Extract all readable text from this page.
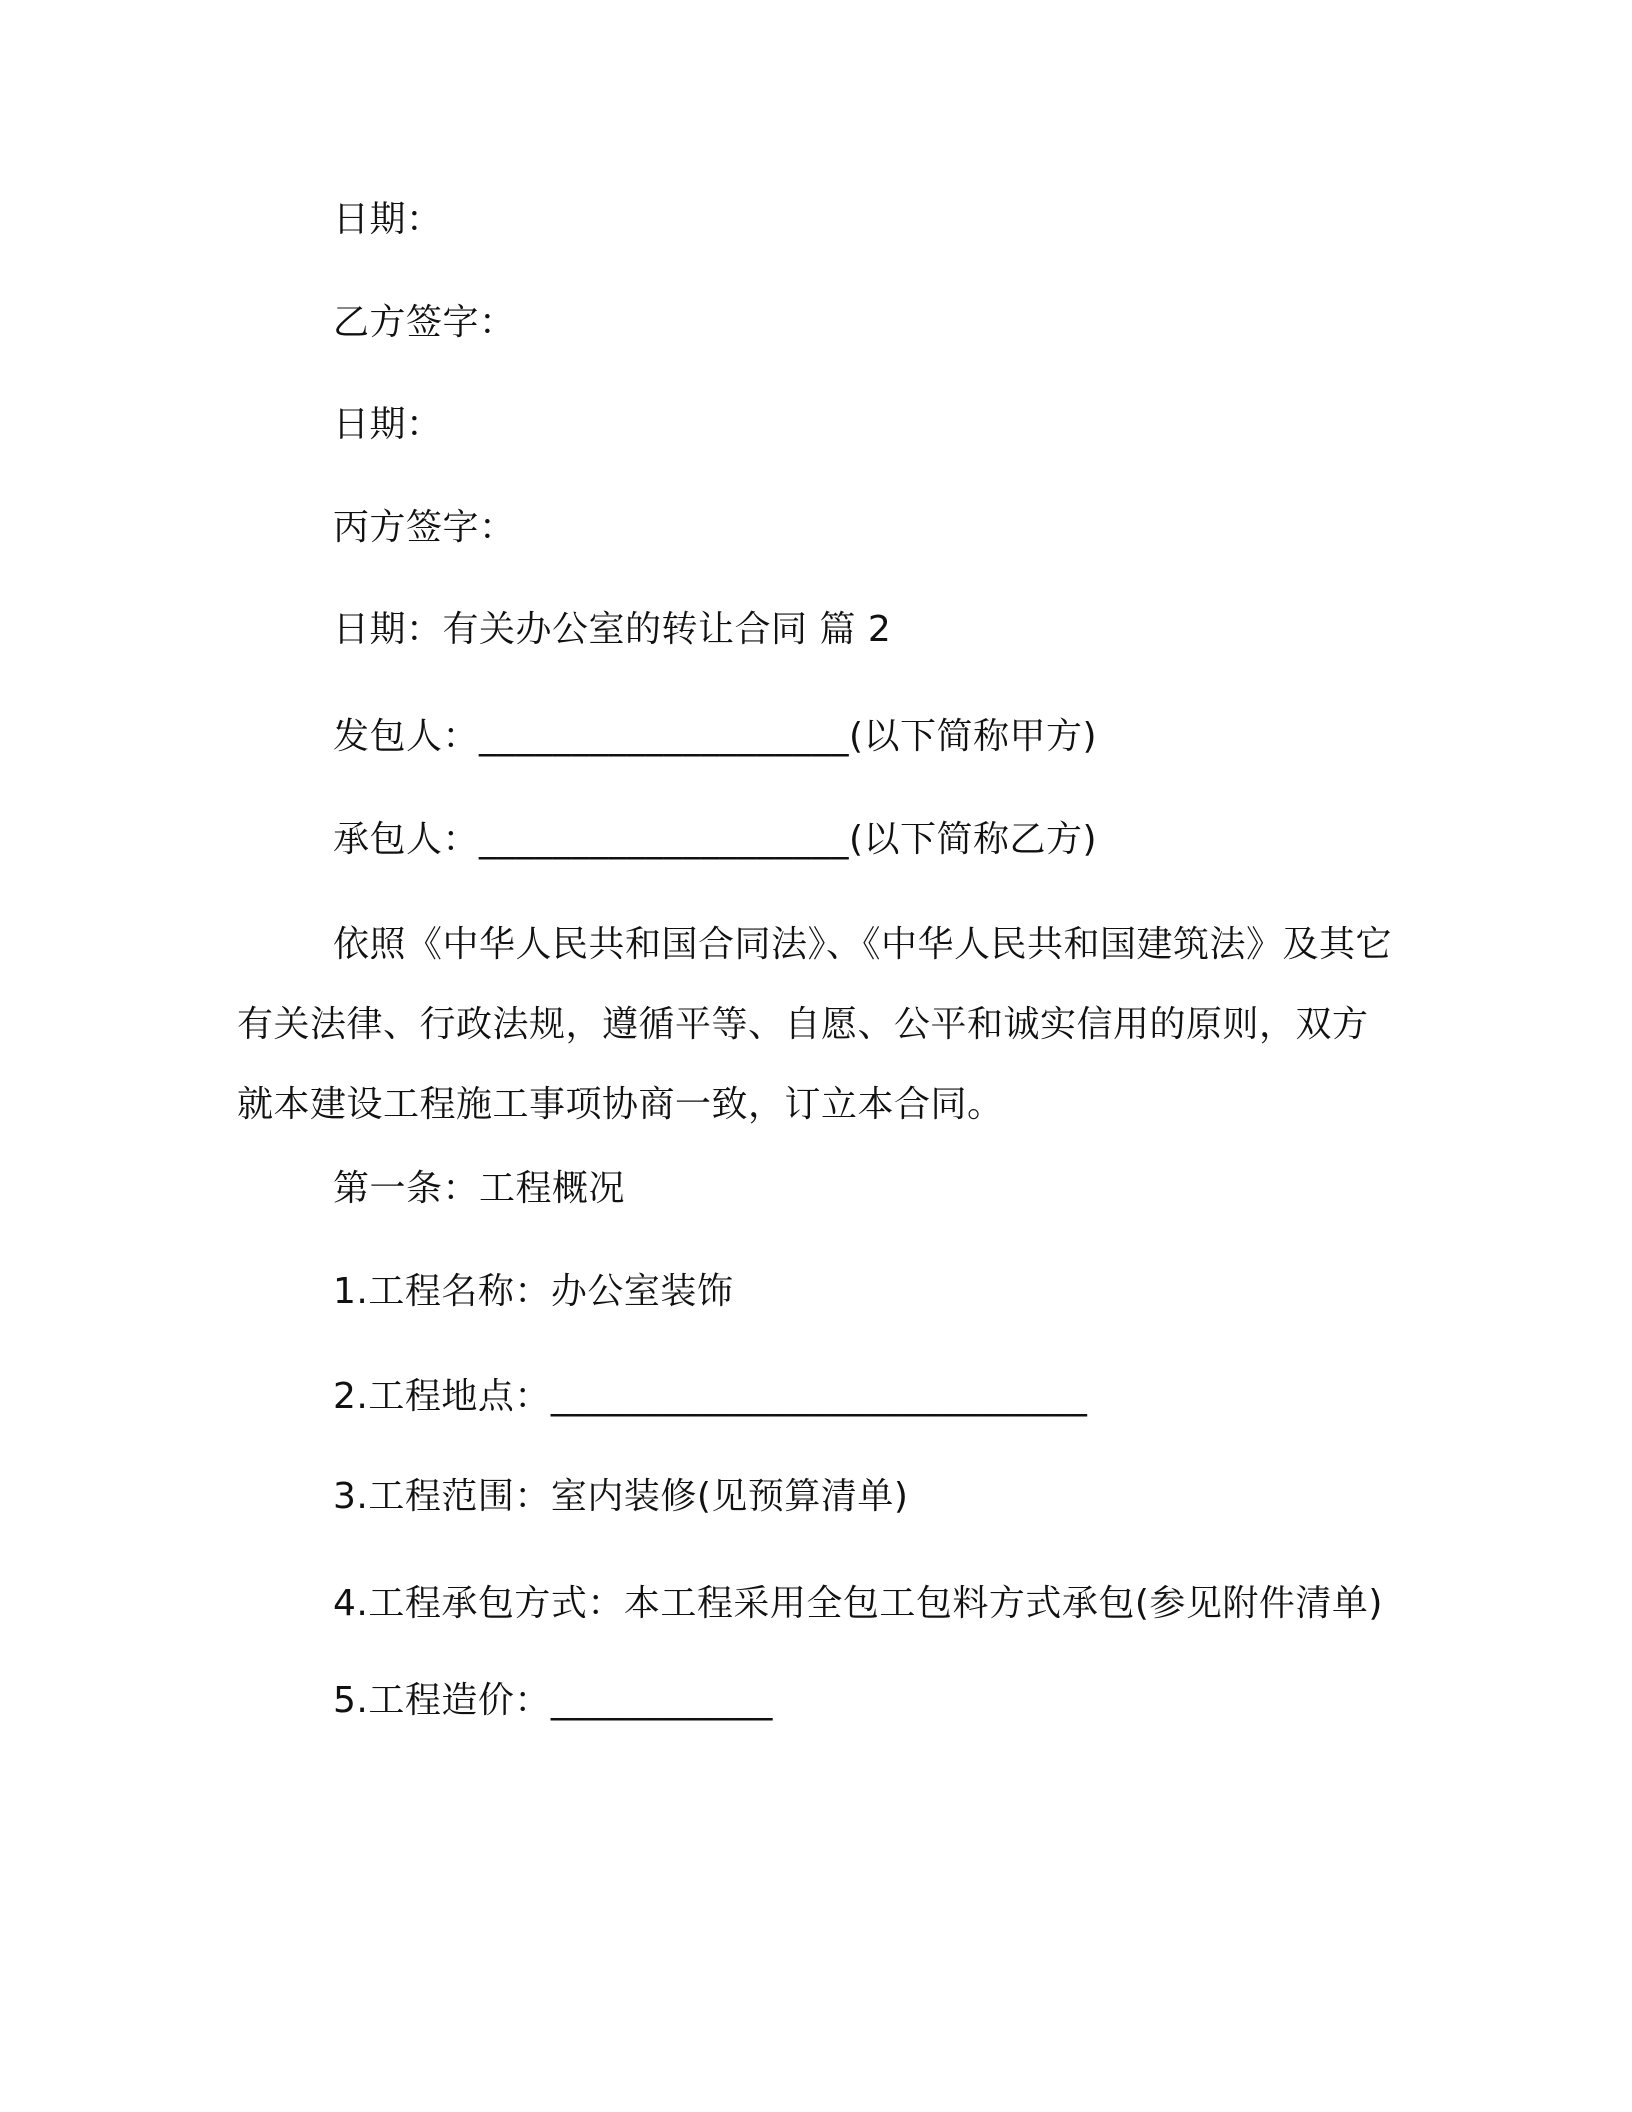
日期：
乙方签字：
日期：
丙方签字：
日期：有关办公室的转让合同 篇 2
发包人：____________________(以下简称甲方)
承包人：____________________(以下简称乙方)
依照《中华人民共和国合同法》、《中华人民共和国建筑法》及其它有关法律、行政法规，遵循平等、自愿、公平和诚实信用的原则，双方就本建设工程施工事项协商一致，订立本合同。
第一条：工程概况
1.工程名称：办公室装饰
2.工程地点：_____________________________
3.工程范围：室内装修(见预算清单)
4.工程承包方式：本工程采用全包工包料方式承包(参见附件清单)
5.工程造价：____________
